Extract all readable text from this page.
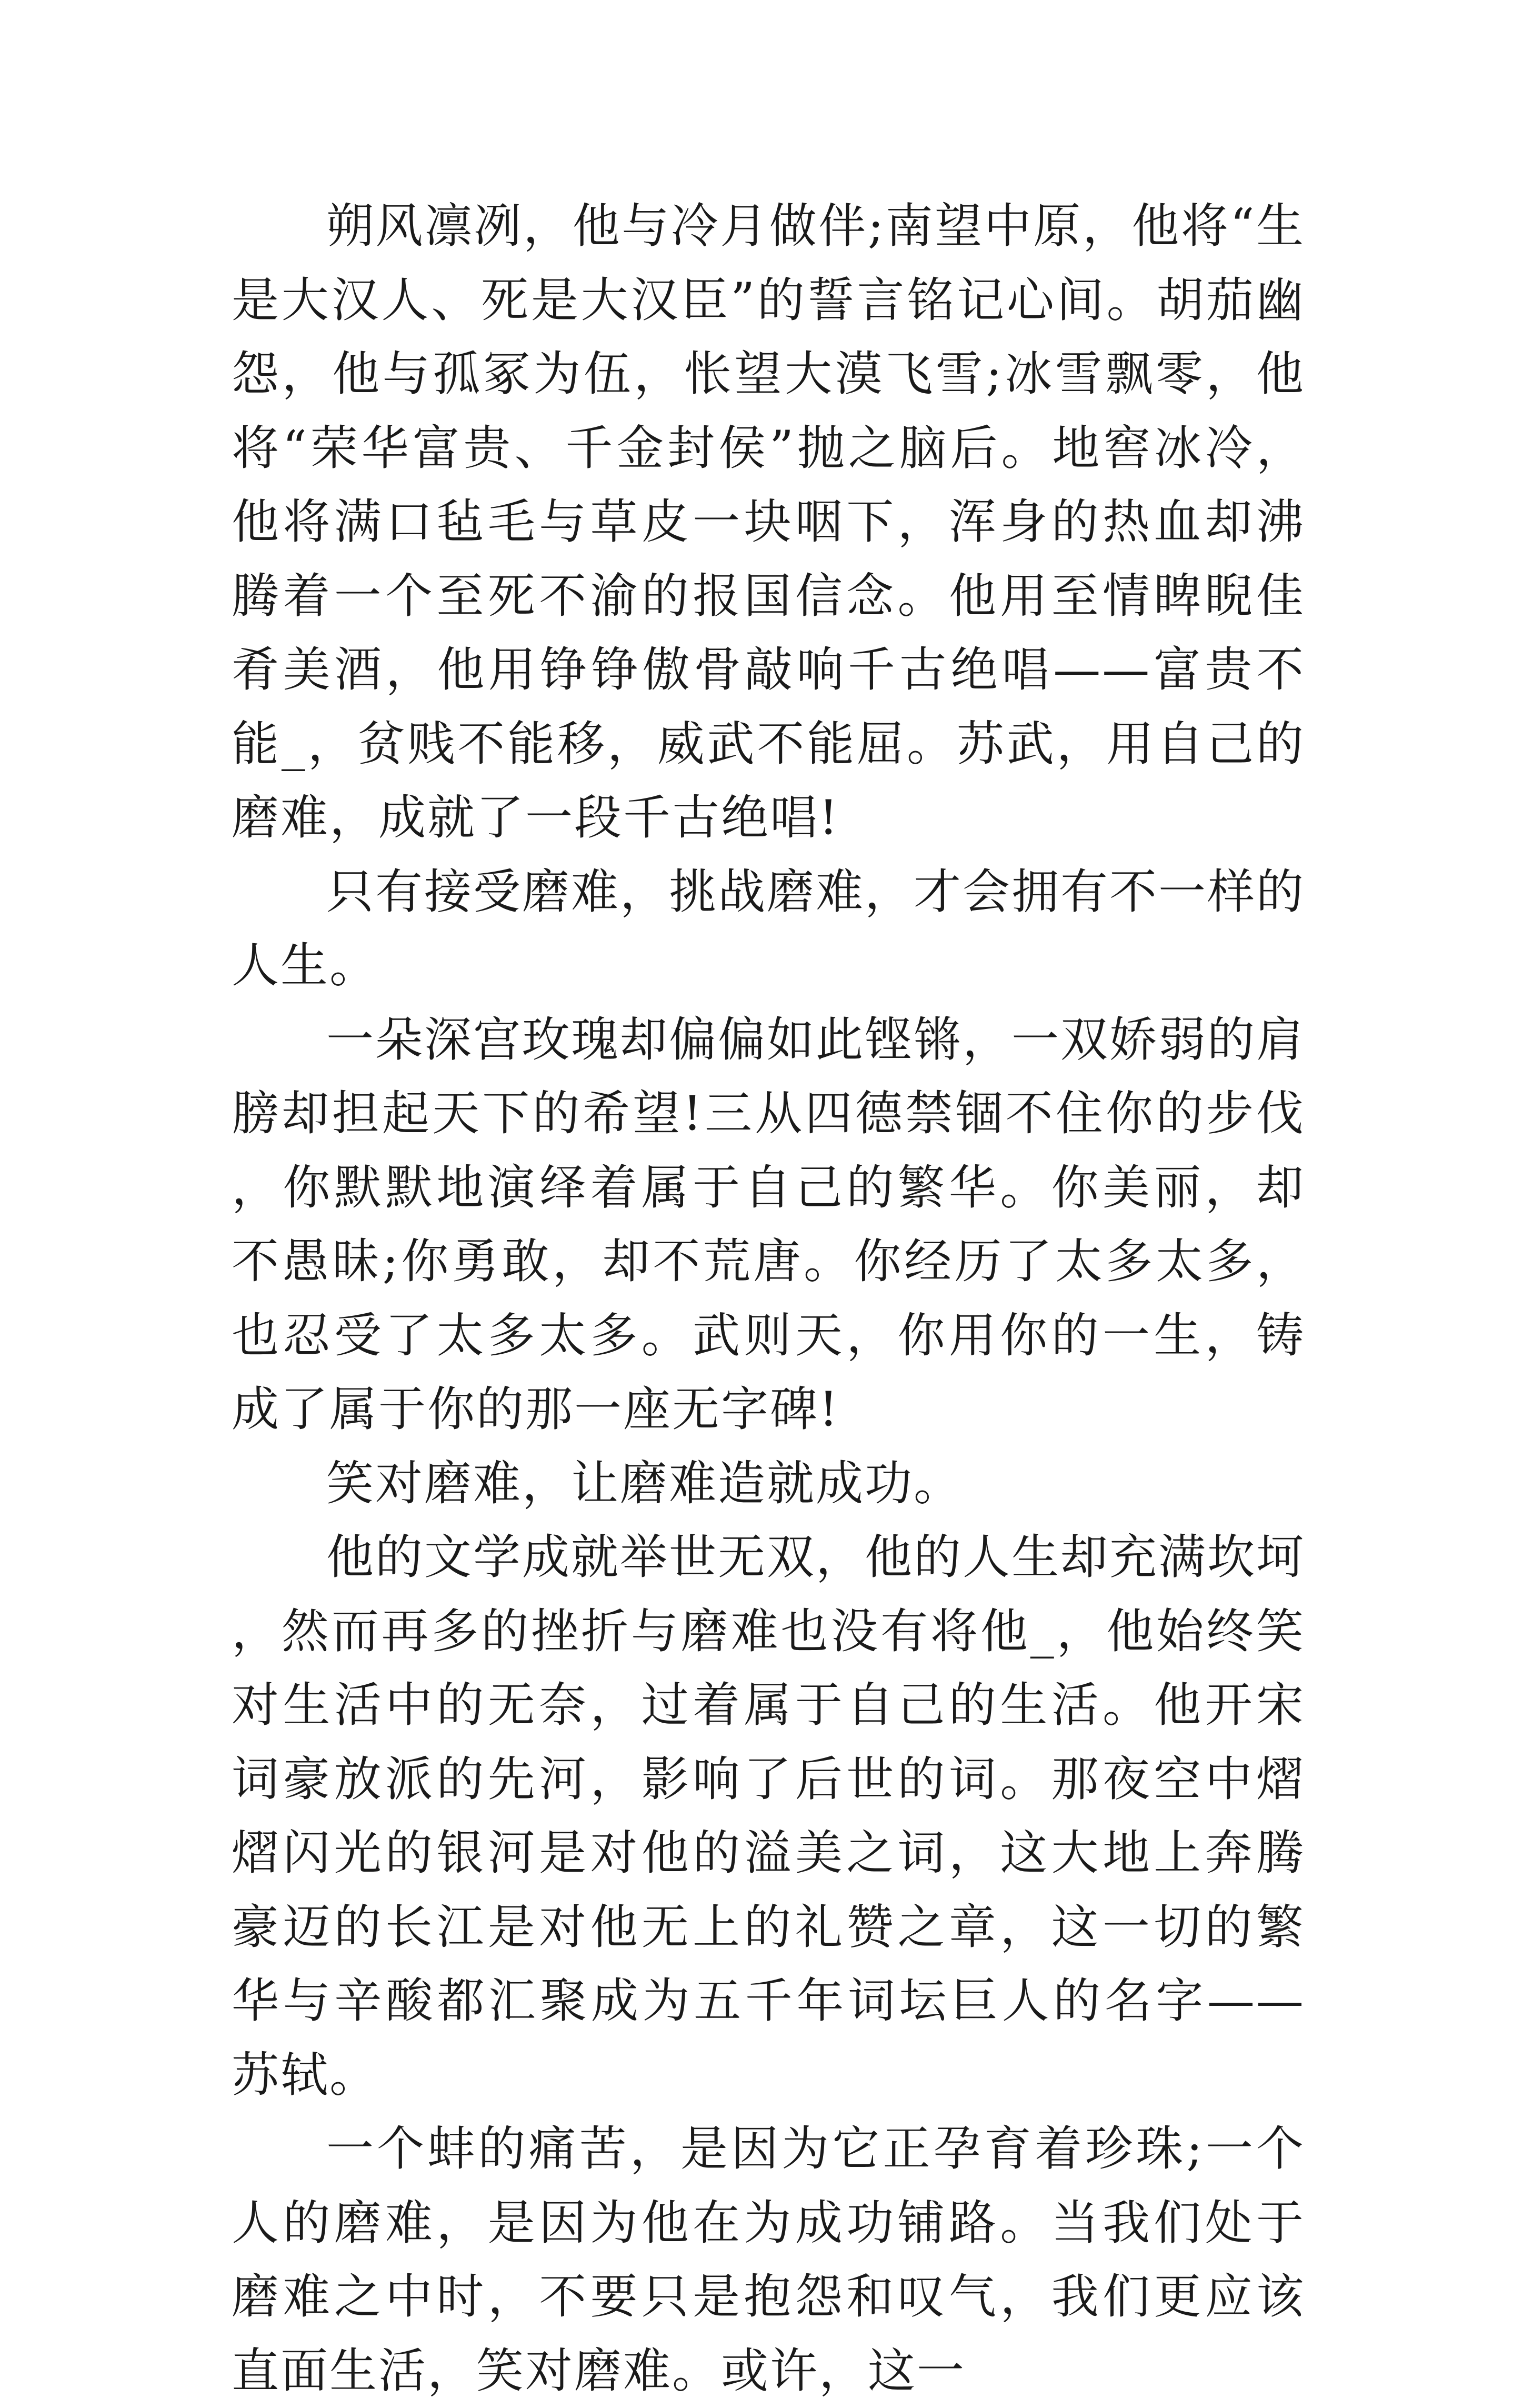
朔风凛冽，他与冷月做伴;南望中原，他将“生是大汉人、死是大汉臣”的誓言铭记心间。胡茄幽怨，他与孤冢为伍，怅望大漠飞雪;冰雪飘零，他将“荣华富贵、千金封侯”抛之脑后。地窖冰冷，他将满口毡毛与草皮一块咽下，浑身的热血却沸腾着一个至死不渝的报国信念。他用至情睥睨佳肴美酒，他用铮铮傲骨敲响千古绝唱——富贵不能_，贫贱不能移，威武不能屈。苏武，用自己的磨难，成就了一段千古绝唱!

只有接受磨难，挑战磨难，才会拥有不一样的人生。

一朵深宫玫瑰却偏偏如此铿锵，一双娇弱的肩膀却担起天下的希望!三从四德禁锢不住你的步伐，你默默地演绎着属于自己的繁华。你美丽，却不愚昧;你勇敢，却不荒唐。你经历了太多太多，也忍受了太多太多。武则天，你用你的一生，铸成了属于你的那一座无字碑!

笑对磨难，让磨难造就成功。

他的文学成就举世无双，他的人生却充满坎坷，然而再多的挫折与磨难也没有将他_，他始终笑对生活中的无奈，过着属于自己的生活。他开宋词豪放派的先河，影响了后世的词。那夜空中熠熠闪光的银河是对他的溢美之词，这大地上奔腾豪迈的长江是对他无上的礼赞之章，这一切的繁华与辛酸都汇聚成为五千年词坛巨人的名字——苏轼。

一个蚌的痛苦，是因为它正孕育着珍珠;一个人的磨难，是因为他在为成功铺路。当我们处于磨难之中时，不要只是抱怨和叹气，我们更应该直面生活，笑对磨难。或许，这一
